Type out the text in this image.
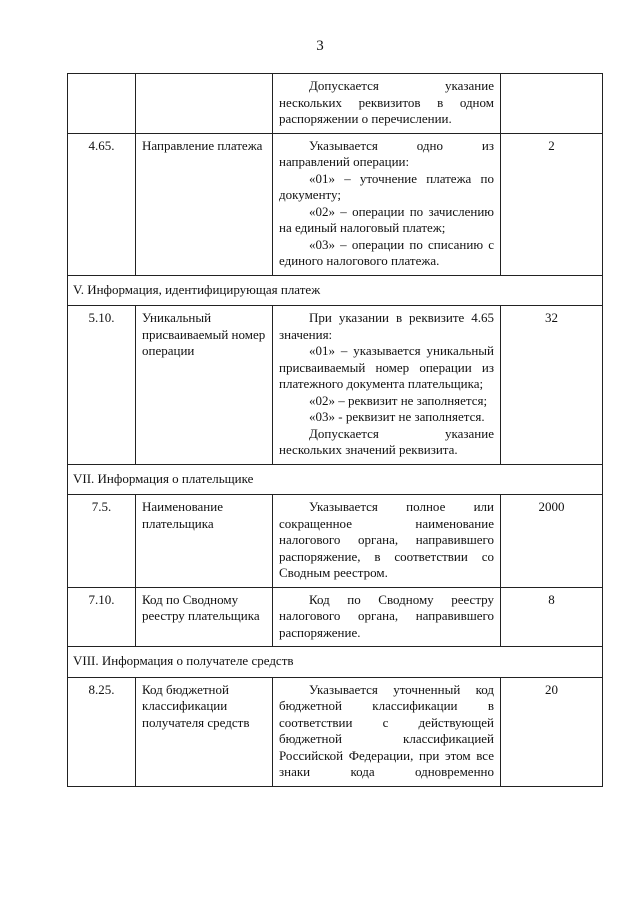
3

		Допускается указание нескольких реквизитов в одном распоряжении о перечислении.	

4.65.	Направление платежа	Указывается одно из направлений операции:

«01» – уточнение платежа по документу;

«02» – операции по зачислению на единый налоговый платеж;

«03» – операции по списанию с единого налогового платежа.	2
V. Информация, идентифицирующая платеж			
5.10.	Уникальный присваиваемый номер операции	При указании в реквизите 4.65 значения:

«01» – указывается уникальный присваиваемый номер операции из платежного документа плательщика;

«02» – реквизит не заполняется;

«03» - реквизит не заполняется.

Допускается указание нескольких значений реквизита.	32
VII. Информация о плательщике			
7.5.	Наименование плательщика	Указывается полное или сокращенное наименование налогового органа, направившего распоряжение, в соответствии со Сводным реестром.	2000
7.10.	Код по Сводному реестру плательщика	Код по Сводному реестру налогового органа, направившего распоряжение.	8
VIII. Информация о получателе средств			
8.25.	Код бюджетной классификации получателя средств	Указывается уточненный код бюджетной классификации в соответствии с действующей бюджетной классификацией Российской Федерации, при этом все знаки кода одновременно	20
